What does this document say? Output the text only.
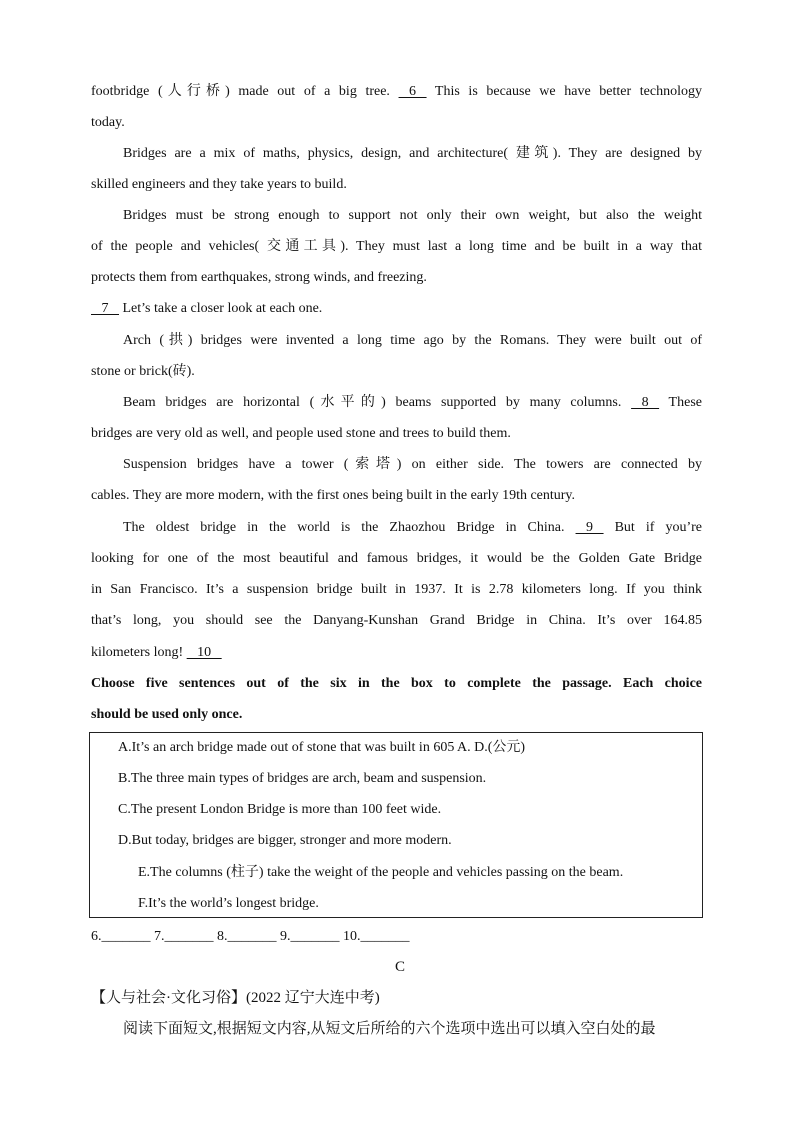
footbridge (人行桥) made out of a big tree.    6    This is because we have better technology
today.
Bridges are a mix of maths, physics, design, and architecture( 建筑). They are designed by
skilled engineers and they take years to build.
Bridges must be strong enough to support not only their own weight, but also the weight
of the people and vehicles( 交通工具). They must last a long time and be built in a way that
protects them from earthquakes, strong winds, and freezing.
7    Let’s take a closer look at each one.
Arch (拱) bridges were invented a long time ago by the Romans. They were built out of
stone or brick(砖).
Beam bridges are horizontal (水平的) beams supported by many columns.    8    These
bridges are very old as well, and people used stone and trees to build them.
Suspension bridges have a tower (索塔) on either side. The towers are connected by
cables. They are more modern, with the first ones being built in the early 19th century.
The oldest bridge in the world is the Zhaozhou Bridge in China.    9    But if you’re
looking for one of the most beautiful and famous bridges, it would be the Golden Gate Bridge
in San Francisco. It’s a suspension bridge built in 1937. It is 2.78 kilometers long. If you think
that’s long, you should see the Danyang-Kunshan Grand Bridge in China. It’s over 164.85
kilometers long!    10
Choose five sentences out of the six in the box to complete the passage. Each choice
should be used only once.
A.It’s an arch bridge made out of stone that was built in 605 A. D.(公元)
B.The three main types of bridges are arch, beam and suspension.
C.The present London Bridge is more than 100 feet wide.
D.But today, bridges are bigger, stronger and more modern.
E.The columns (柱子) take the weight of the people and vehicles passing on the beam.
F.It’s the world’s longest bridge.
6._______ 7._______ 8._______ 9._______ 10._______
C
【人与社会·文化习俗】(2022 辽宁大连中考)
阅读下面短文,根据短文内容,从短文后所给的六个选项中选出可以填入空白处的最
